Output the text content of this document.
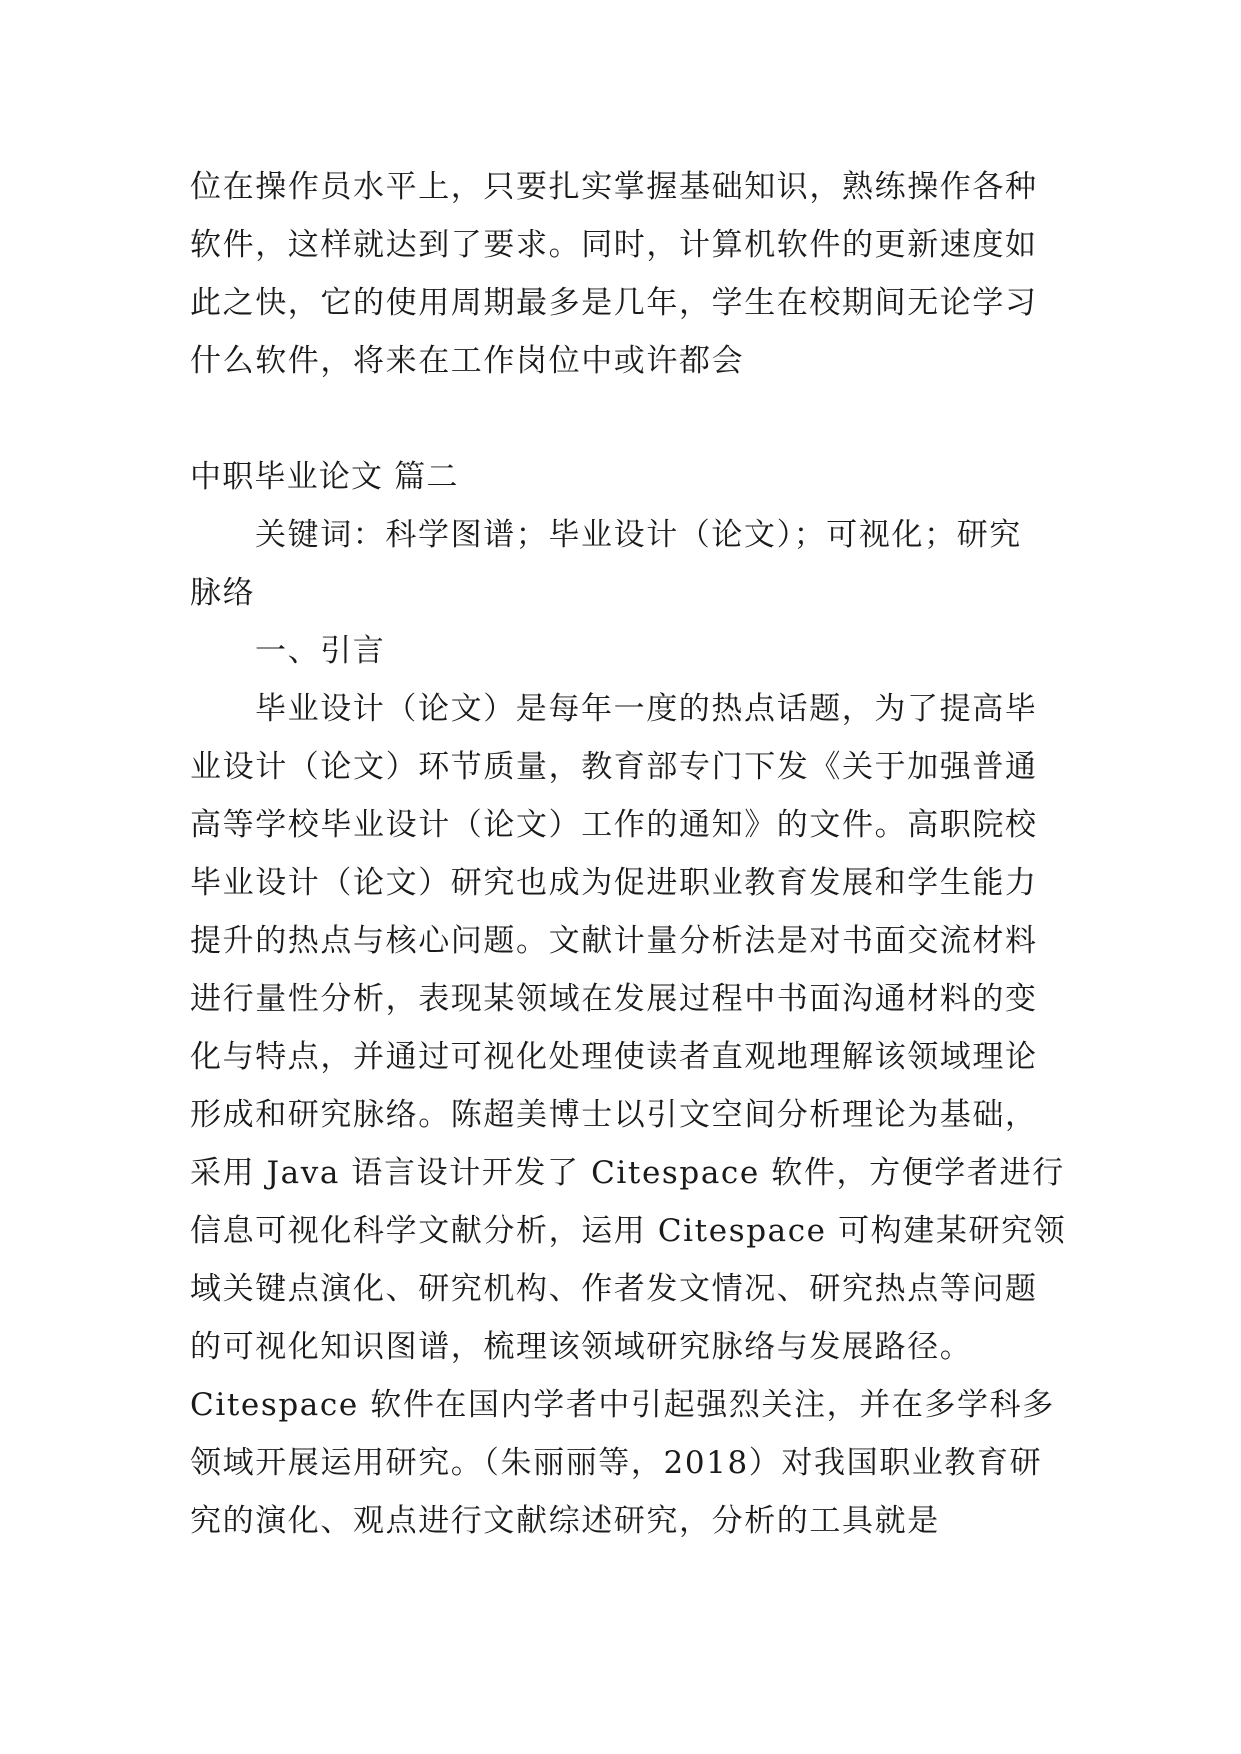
位在操作员水平上，只要扎实掌握基础知识，熟练操作各种
软件，这样就达到了要求。同时，计算机软件的更新速度如
此之快，它的使用周期最多是几年，学生在校期间无论学习
什么软件，将来在工作岗位中或许都会
中职毕业论文 篇二
关键词：科学图谱；毕业设计（论文）；可视化；研究
脉络
一、引言
毕业设计（论文）是每年一度的热点话题，为了提高毕
业设计（论文）环节质量，教育部专门下发《关于加强普通
高等学校毕业设计（论文）工作的通知》的文件。高职院校
毕业设计（论文）研究也成为促进职业教育发展和学生能力
提升的热点与核心问题。文献计量分析法是对书面交流材料
进行量性分析，表现某领域在发展过程中书面沟通材料的变
化与特点，并通过可视化处理使读者直观地理解该领域理论
形成和研究脉络。陈超美博士以引文空间分析理论为基础，
采用 Java 语言设计开发了 Citespace 软件，方便学者进行
信息可视化科学文献分析，运用 Citespace 可构建某研究领
域关键点演化、研究机构、作者发文情况、研究热点等问题
的可视化知识图谱，梳理该领域研究脉络与发展路径。
Citespace 软件在国内学者中引起强烈关注，并在多学科多
领域开展运用研究。（朱丽丽等，2018）对我国职业教育研
究的演化、观点进行文献综述研究，分析的工具就是
